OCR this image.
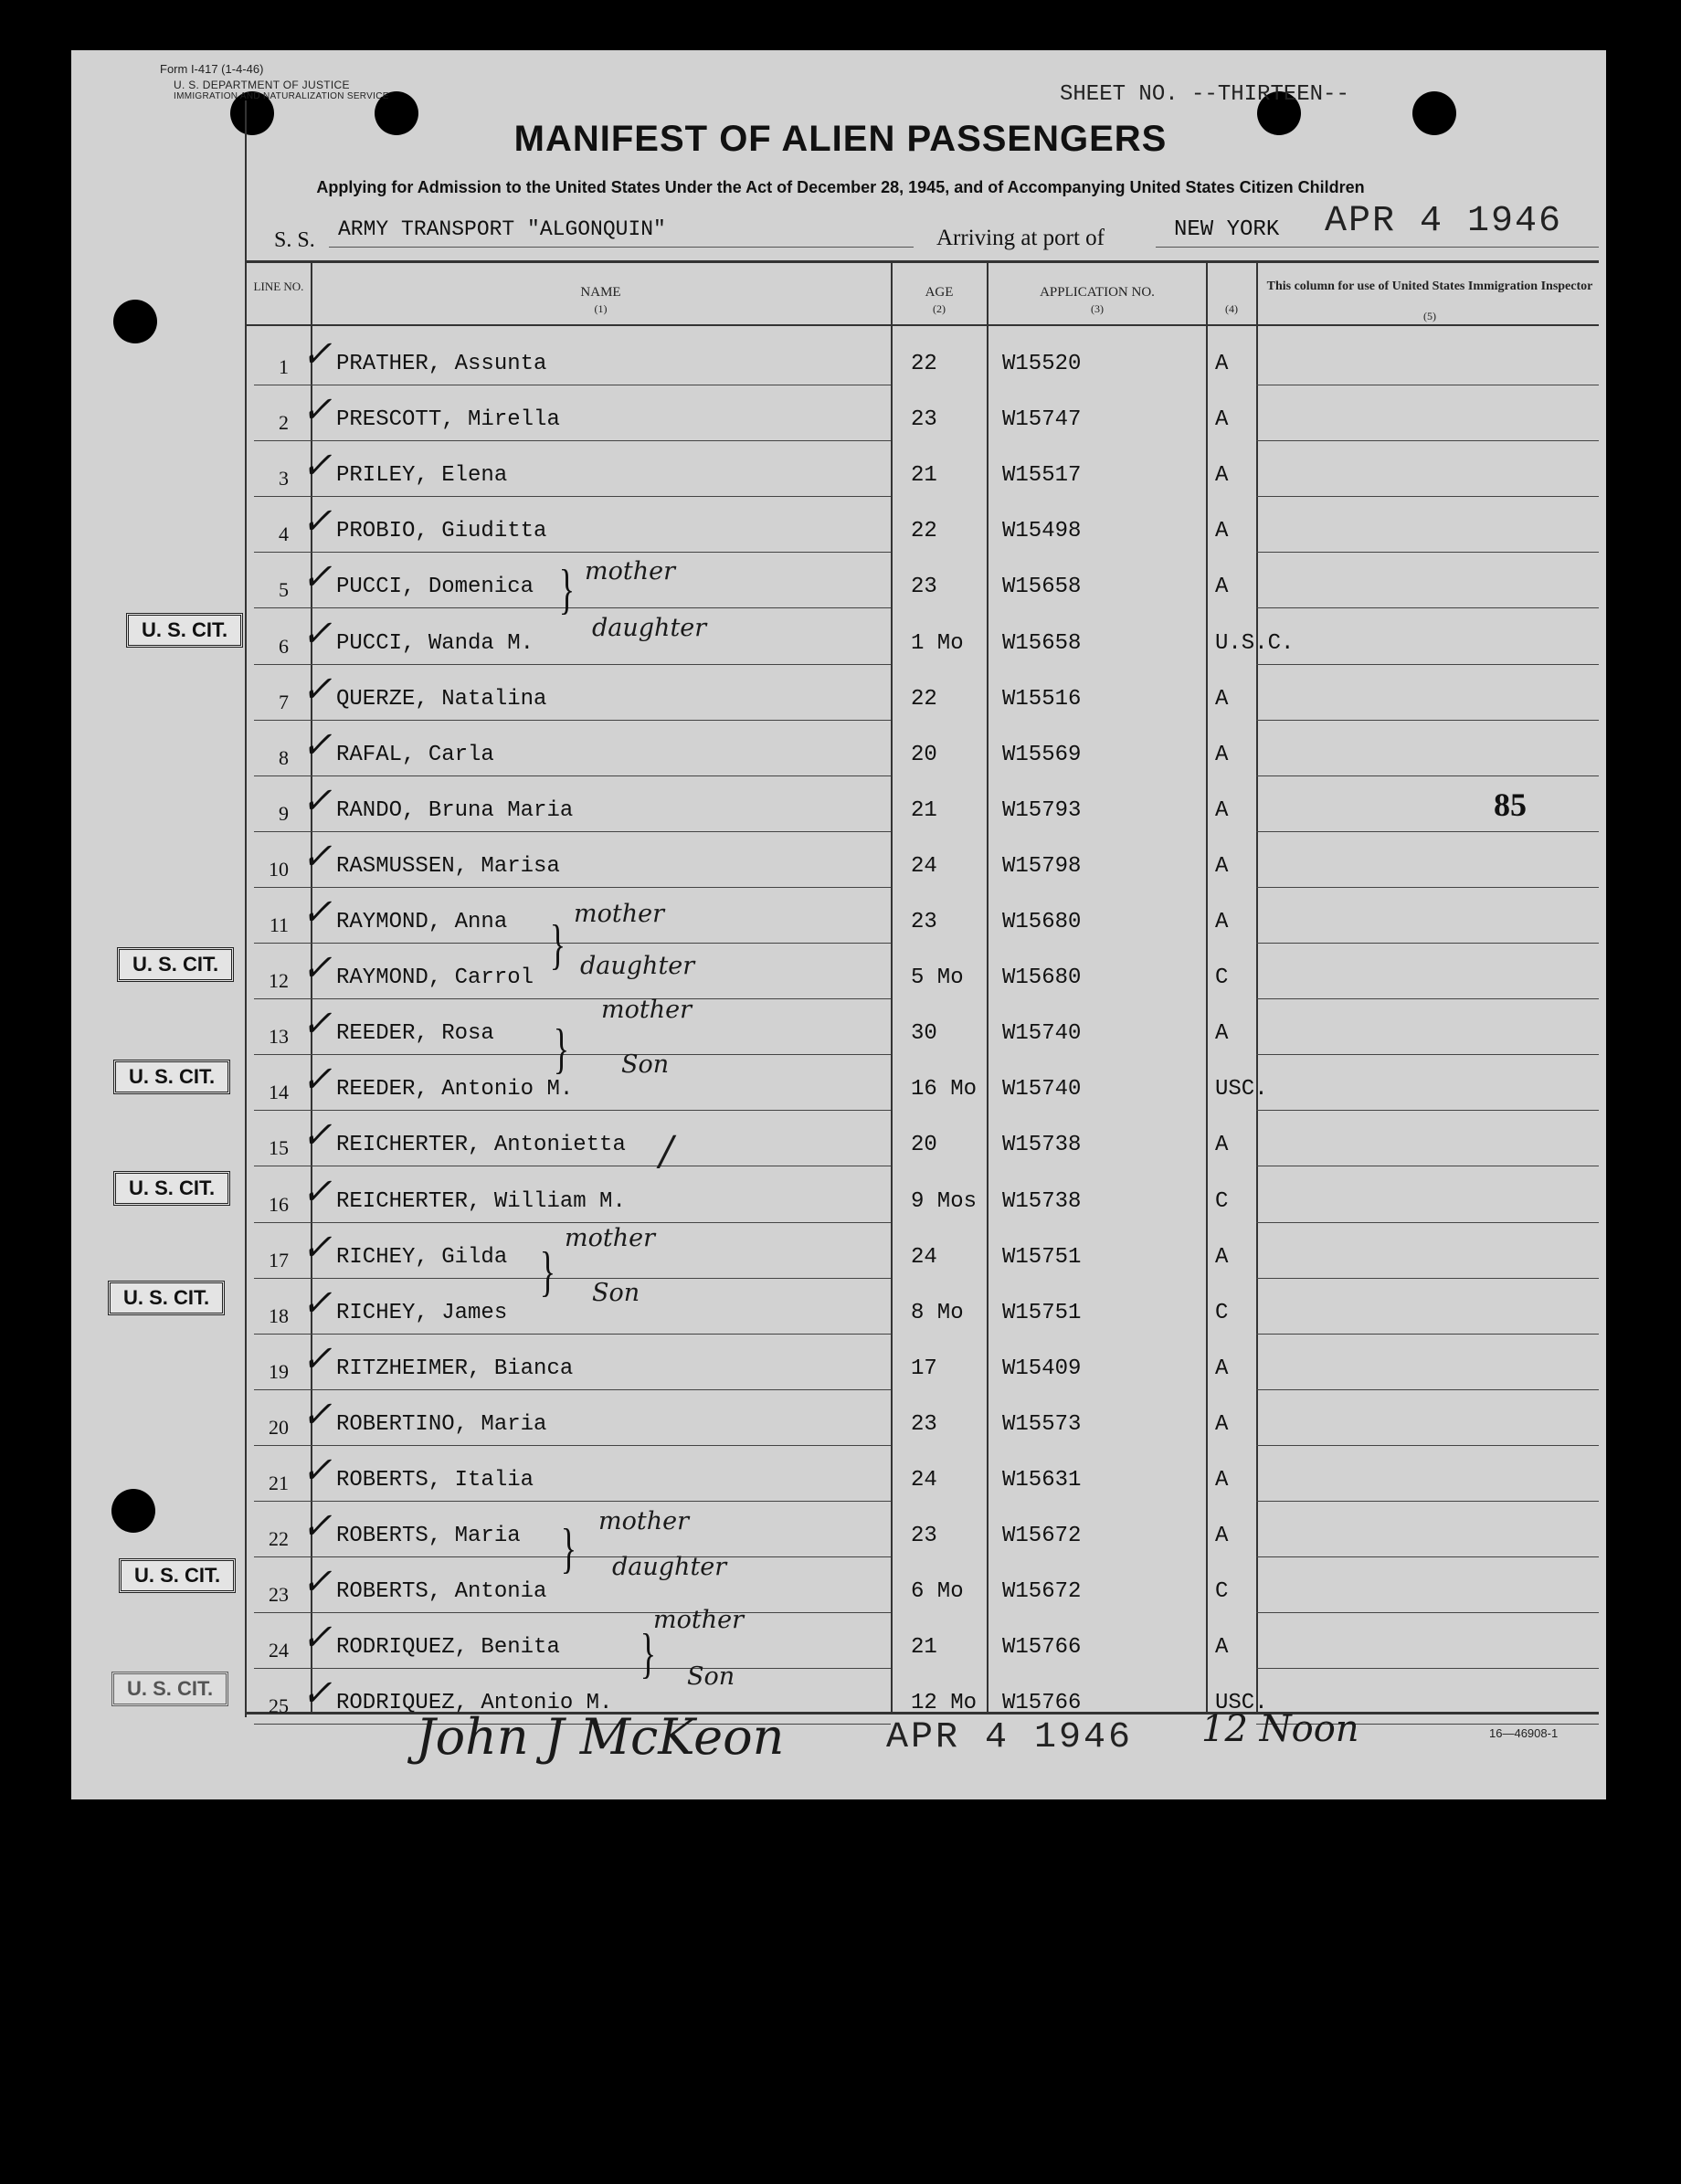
Form I-417 (1-4-46)
U. S. DEPARTMENT OF JUSTICE
IMMIGRATION AND NATURALIZATION SERVICE	SHEET NO. --THIRTEEN--
MANIFEST OF ALIEN PASSENGERS
Applying for Admission to the United States Under the Act of December 28, 1945, and of Accompanying United States Citizen Children
S. S. ARMY TRANSPORT "ALGONQUIN"	Arriving at port of	NEW YORK APR 4 1946
LINE NO.	NAME
(1)
AGE
(2)
APPLICATION NO.
(3)	(4)
This column for use of United States Immigration Inspector
(5)
1 ✓ PRATHER, Assunta	22	W15520	A
2 ✓ PRESCOTT, Mirella	23	W15747	A
3 ✓ PRILEY, Elena	21	W15517	A
4 ✓ PROBIO, Giuditta	22	W15498	A
5 ✓ PUCCI, Domenica	23	W15658	A
6 ✓ PUCCI, Wanda M.	1 Mo W15658	U.S.C.
7 ✓ QUERZE, Natalina	22	W15516	A
8 ✓ RAFAL, Carla	20	W15569	A
9 ✓ RANDO, Bruna Maria	21	W15793	A
10 ✓ RASMUSSEN, Marisa	24	W15798	A
11 ✓ RAYMOND, Anna	23	W15680	A
12 ✓ RAYMOND, Carrol	5 Mo W15680	C
13 ✓ REEDER, Rosa	30	W15740	A
14 ✓ REEDER, Antonio M.	16 Mo W15740	USC.
15 ✓ REICHERTER, Antonietta	20	W15738	A
16 ✓ REICHERTER, William M.	9 Mos W15738	C
17 ✓ RICHEY, Gilda	24	W15751	A
18 ✓ RICHEY, James	8 Mo W15751	C
19 ✓ RITZHEIMER, Bianca	17	W15409	A
20 ✓ ROBERTINO, Maria	23	W15573	A
21 ✓ ROBERTS, Italia	24	W15631	A
22 ✓ ROBERTS, Maria	23	W15672	A
23 ✓ ROBERTS, Antonia	6 Mo W15672	C
24 ✓ RODRIQUEZ, Benita	21	W15766	A
25 ✓ RODRIQUEZ, Antonio M.	12 Mo W15766	USC.
U. S. CIT.
U. S. CIT.
U. S. CIT.
U. S. CIT.
U. S. CIT.
U. S. CIT.
U. S. CIT.
} mother
daughter
}
mother
daughter
}
mother
Son
}
mother
Son
} mother
daughter
}
mother
Son
/
85
John J McKeon	APR 4 1946 12 Noon	16—46908-1
